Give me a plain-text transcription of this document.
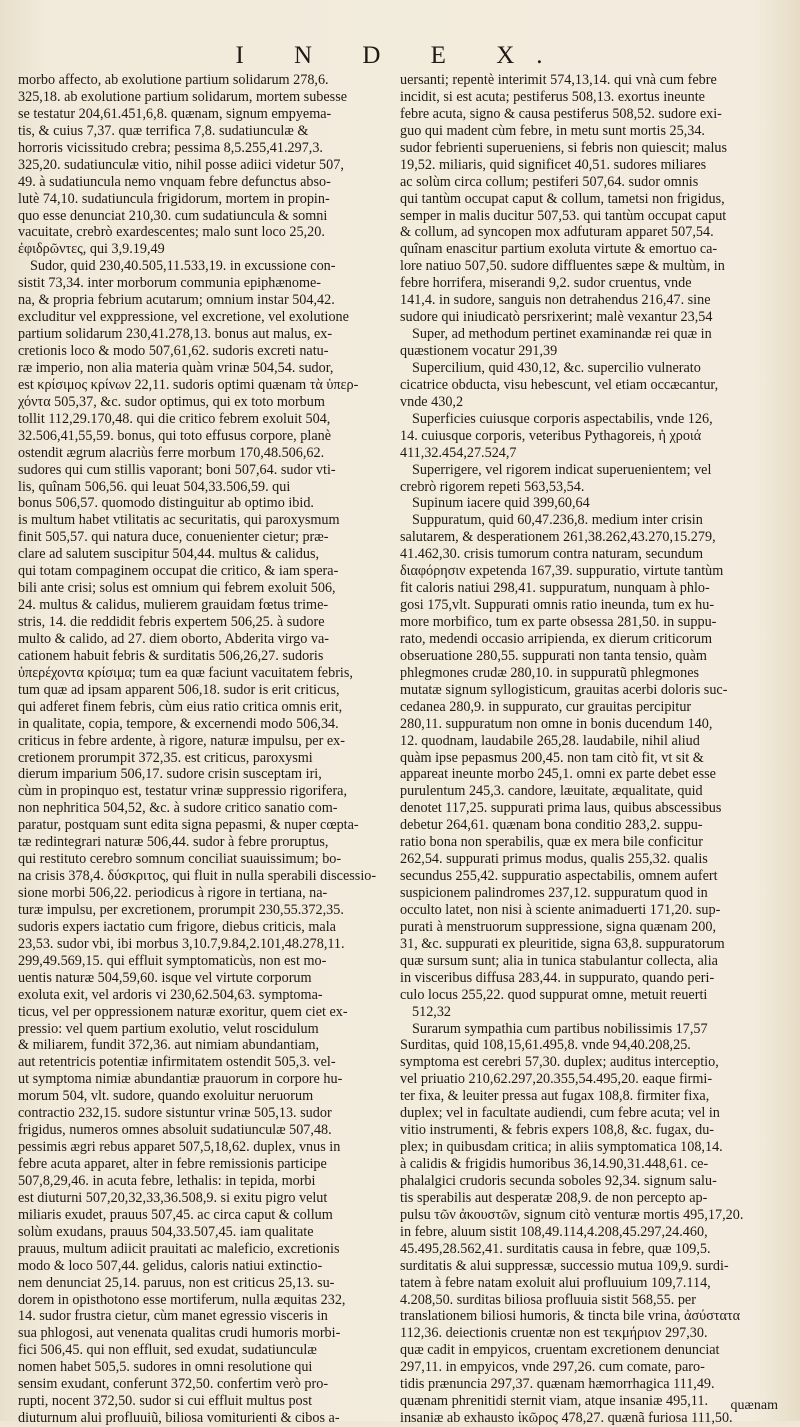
I N D E X.
morbo affecto, ab exolutione partium solidarum 278,6.
325,18. ab exolutione partium solidarum, mortem subesse
se testatur 204,61.451,6,8. quænam, signum empyema-
tis, & cuius 7,37. quæ terrifica 7,8. sudatiunculæ &
horroris vicissitudo crebra; pessima 8,5.255,41.297,3.
325,20. sudatiunculæ vitio, nihil posse adiici videtur 507,
49. à sudatiuncula nemo vnquam febre defunctus abso-
lutè 74,10. sudatiuncula frigidorum, mortem in propin-
quo esse denunciat 210,30. cum sudatiuncula & somni
vacuitate, crebrò exardescentes; malo sunt loco 25,20.
ἐφιδρῶντες, qui 3,9.19,49
Sudor, quid 230,40.505,11.533,19. in excussione con-
sistit 73,34. inter morborum communia epiphænome-
na, & propria febrium acutarum; omnium instar 504,42.
excluditur vel exppressione, vel excretione, vel exolutione
partium solidarum 230,41.278,13. bonus aut malus, ex-
cretionis loco & modo 507,61,62. sudoris excreti natu-
ræ imperio, non alia materia quàm vrinæ 504,54. sudor,
est κρίσιμος κρίνων 22,11. sudoris optimi quænam τὰ ὑπερ-
χόντα 505,37, &c. sudor optimus, qui ex toto morbum
tollit 112,29.170,48. qui die critico febrem exoluit 504,
32.506,41,55,59. bonus, qui toto effusus corpore, planè
ostendit ægrum alacriùs ferre morbum 170,48.506,62.
sudores qui cum stillis vaporant; boni 507,64. sudor vti-
lis, quînam 506,56. qui leuat 504,33.506,59. qui
bonus 506,57. quomodo distinguitur ab optimo ibid.
is multum habet vtilitatis ac securitatis, qui paroxysmum
finit 505,57. qui natura duce, conuenienter cietur; præ-
clare ad salutem suscipitur 504,44. multus & calidus,
qui totam compaginem occupat die critico, & iam spera-
bili ante crisi; solus est omnium qui febrem exoluit 506,
24. multus & calidus, mulierem grauidam fœtus trime-
stris, 14. die reddidit febris expertem 506,25. à sudore
multo & calido, ad 27. diem oborto, Abderita virgo va-
cationem habuit febris & surditatis 506,26,27. sudoris
ὑπερέχοντα κρίσιμα; tum ea quæ faciunt vacuitatem febris,
tum quæ ad ipsam apparent 506,18. sudor is erit criticus,
qui adferet finem febris, cùm eius ratio critica omnis erit,
in qualitate, copia, tempore, & excernendi modo 506,34.
criticus in febre ardente, à rigore, naturæ impulsu, per ex-
cretionem prorumpit 372,35. est criticus, paroxysmi
dierum imparium 506,17. sudore crisin susceptam iri,
cùm in propinquo est, testatur vrinæ suppressio rigorifera,
non nephritica 504,52, &c. à sudore critico sanatio com-
paratur, postquam sunt edita signa pepasmi, & nuper cœpta-
tæ redintegrari naturæ 506,44. sudor à febre proruptus,
qui restituto cerebro somnum conciliat suauissimum; bo-
na crisis 378,4. δύσκριτος, qui fluit in nulla sperabili discessio-
sione morbi 506,22. periodicus à rigore in tertiana, na-
turæ impulsu, per excretionem, prorumpit 230,55.372,35.
sudoris expers iactatio cum frigore, diebus criticis, mala
23,53. sudor vbi, ibi morbus 3,10.7,9.84,2.101,48.278,11.
299,49.569,15. qui effluit symptomaticùs, non est mo-
uentis naturæ 504,59,60. isque vel virtute corporum
exoluta exit, vel ardoris vi 230,62.504,63. symptoma-
ticus, vel per oppressionem naturæ exoritur, quem ciet ex-
pressio: vel quem partium exolutio, velut roscidulum
& miliarem, fundit 372,36. aut nimiam abundantiam,
aut retentricis potentiæ infirmitatem ostendit 505,3. vel-
ut symptoma nimiæ abundantiæ prauorum in corpore hu-
morum 504, vlt. sudore, quando exoluitur neruorum
contractio 232,15. sudore sistuntur vrinæ 505,13. sudor
frigidus, numeros omnes absoluit sudatiunculæ 507,48.
pessimis ægri rebus apparet 507,5,18,62. duplex, vnus in
febre acuta apparet, alter in febre remissionis participe
507,8,29,46. in acuta febre, lethalis: in tepida, morbi
est diuturni 507,20,32,33,36.508,9. si exitu pigro velut
miliaris exudet, prauus 507,45. ac circa caput & collum
solùm exudans, prauus 504,33.507,45. iam qualitate
prauus, multum adiicit prauitati ac maleficio, excretionis
modo & loco 507,44. gelidus, caloris natiui extinctio-
nem denunciat 25,14. paruus, non est criticus 25,13. su-
dorem in opisthotono esse mortiferum, nulla æquitas 232,
14. sudor frustra cietur, cùm manet egressio visceris in
sua phlogosi, aut venenata qualitas crudi humoris morbi-
fici 506,45. qui non effluit, sed exudat, sudatiunculæ
nomen habet 505,5. sudores in omni resolutione qui
sensim exudant, conferunt 372,50. confertim verò pro-
rupti, nocent 372,50. sudor si cui effluit multus post
diuturnum alui profluuiũ, biliosa vomiturienti & cibos a-
uersanti; repentè interimit 574,13,14. qui vnà cum febre
incidit, si est acuta; pestiferus 508,13. exortus ineunte
febre acuta, signo & causa pestiferus 508,52. sudore exi-
guo qui madent cùm febre, in metu sunt mortis 25,34.
sudor febrienti superueniens, si febris non quiescit; malus
19,52. miliaris, quid significet 40,51. sudores miliares
ac solùm circa collum; pestiferi 507,64. sudor omnis
qui tantùm occupat caput & collum, tametsi non frigidus,
semper in malis ducitur 507,53. qui tantùm occupat caput
& collum, ad syncopen mox adfuturam apparet 507,54.
quînam enascitur partium exoluta virtute & emortuo ca-
lore natiuo 507,50. sudore diffluentes sæpe & multùm, in
febre horrifera, miserandi 9,2. sudor cruentus, vnde
141,4. in sudore, sanguis non detrahendus 216,47. sine
sudore qui iniudicatò persrixerint; malè vexantur 23,54
Super, ad methodum pertinet examinandæ rei quæ in
quæstionem vocatur 291,39
Supercilium, quid 430,12, &c. supercilio vulnerato
cicatrice obducta, visu hebescunt, vel etiam occæcantur,
vnde 430,2
Superficies cuiusque corporis aspectabilis, vnde 126,
14. cuiusque corporis, veteribus Pythagoreis, ἡ χροιά
411,32.454,27.524,7
Superrigere, vel rigorem indicat superuenientem; vel
crebrò rigorem repeti 563,53,54.
Supinum iacere quid 399,60,64
Suppuratum, quid 60,47.236,8. medium inter crisin
salutarem, & desperationem 261,38.262,43.270,15.279,
41.462,30. crisis tumorum contra naturam, secundum
διαφόρησιν expetenda 167,39. suppuratio, virtute tantùm
fit caloris natiui 298,41. suppuratum, nunquam à phlo-
gosi 175,vlt. Suppurati omnis ratio ineunda, tum ex hu-
more morbifico, tum ex parte obsessa 281,50. in suppu-
rato, medendi occasio arripienda, ex dierum criticorum
obseruatione 280,55. suppurati non tanta tensio, quàm
phlegmones crudæ 280,10. in suppuratũ phlegmones
mutatæ signum syllogisticum, grauitas acerbi doloris suc-
cedanea 280,9. in suppurato, cur grauitas percipitur
280,11. suppuratum non omne in bonis ducendum 140,
12. quodnam, laudabile 265,28. laudabile, nihil aliud
quàm ipse pepasmus 200,45. non tam citò fit, vt sit &
appareat ineunte morbo 245,1. omni ex parte debet esse
purulentum 245,3. candore, læuitate, æqualitate, quid
denotet 117,25. suppurati prima laus, quibus abscessibus
debetur 264,61. quænam bona conditio 283,2. suppu-
ratio bona non sperabilis, quæ ex mera bile conficitur
262,54. suppurati primus modus, qualis 255,32. qualis
secundus 255,42. suppuratio aspectabilis, omnem aufert
suspicionem palindromes 237,12. suppuratum quod in
occulto latet, non nisi à sciente animaduerti 171,20. sup-
purati à menstruorum suppressione, signa quænam 200,
31, &c. suppurati ex pleuritide, signa 63,8. suppuratorum
quæ sursum sunt; alia in tunica stabulantur collecta, alia
in visceribus diffusa 283,44. in suppurato, quando peri-
culo locus 255,22. quod suppurat omne, metuit reuerti
512,32
Surarum sympathia cum partibus nobilissimis 17,57
Surditas, quid 108,15,61.495,8. vnde 94,40.208,25.
symptoma est cerebri 57,30. duplex; auditus interceptio,
vel priuatio 210,62.297,20.355,54.495,20. eaque firmi-
ter fixa, & leuiter pressa aut fugax 108,8. firmiter fixa,
duplex; vel in facultate audiendi, cum febre acuta; vel in
vitio instrumenti, & febris expers 108,8, &c. fugax, du-
plex; in quibusdam critica; in aliis symptomatica 108,14.
à calidis & frigidis humoribus 36,14.90,31.448,61. ce-
phalalgici crudoris secunda soboles 92,34. signum salu-
tis sperabilis aut desperatæ 208,9. de non percepto ap-
pulsu τῶν ἀκουστῶν, signum citò venturæ mortis 495,17,20.
in febre, aluum sistit 108,49.114,4.208,45.297,24.460,
45.495,28.562,41. surditatis causa in febre, quæ 109,5.
surditatis & alui suppressæ, successio mutua 109,9. surdi-
tatem à febre natam exoluit alui profluuium 109,7.114,
4.208,50. surditas biliosa profluuia sistit 568,55. per
translationem biliosi humoris, & tincta bile vrina, ἀσύστατα
112,36. deiectionis cruentæ non est τεκμήριον 297,30.
quæ cadit in empyicos, cruentam excretionem denunciat
297,11. in empyicos, vnde 297,26. cum comate, paro-
tidis prænuncia 297,37. quænam hæmorrhagica 111,49.
quænam phrenitidi sternit viam, atque insaniæ 495,11.
insaniæ ab exhausto ἰκῶρος 478,27. quænã furiosa 111,50.
quænam
